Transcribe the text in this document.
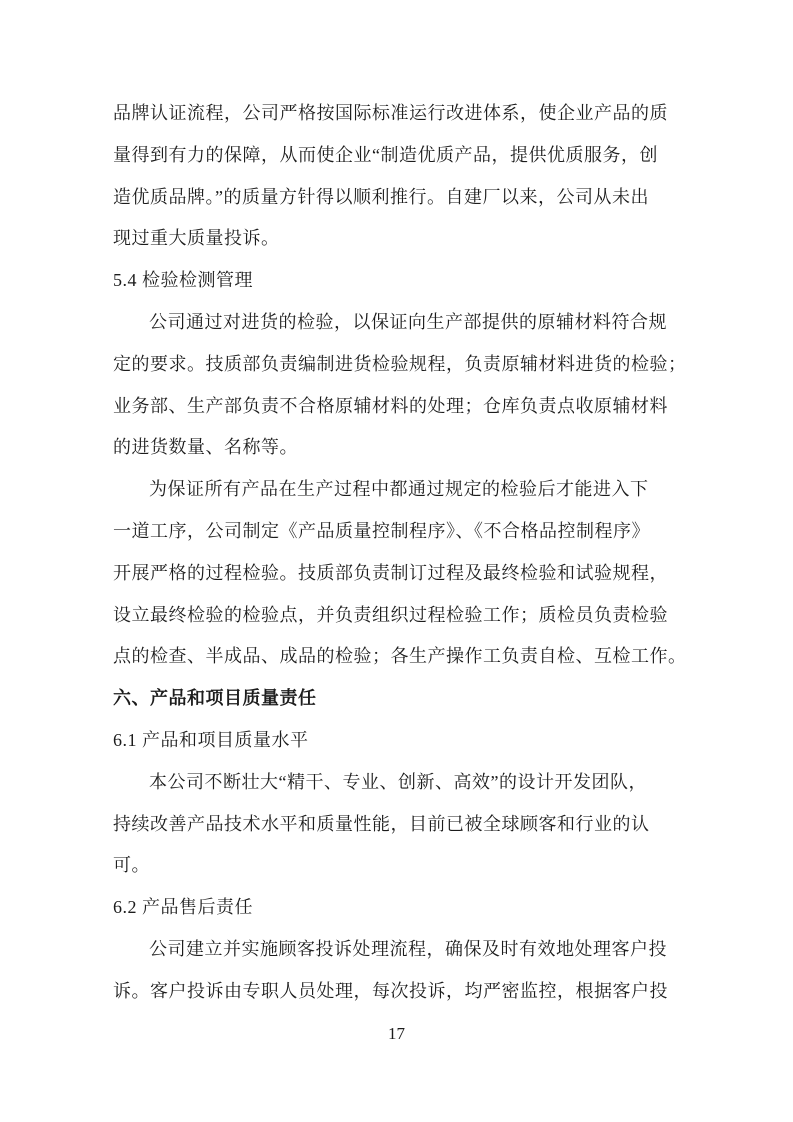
品牌认证流程，公司严格按国际标准运行改进体系，使企业产品的质
量得到有力的保障，从而使企业“制造优质产品，提供优质服务，创
造优质品牌。”的质量方针得以顺利推行。自建厂以来，公司从未出
现过重大质量投诉。
5.4 检验检测管理
公司通过对进货的检验，以保证向生产部提供的原辅材料符合规
定的要求。技质部负责编制进货检验规程，负责原辅材料进货的检验；
业务部、生产部负责不合格原辅材料的处理；仓库负责点收原辅材料
的进货数量、名称等。
为保证所有产品在生产过程中都通过规定的检验后才能进入下
一道工序，公司制定《产品质量控制程序》、《不合格品控制程序》
开展严格的过程检验。技质部负责制订过程及最终检验和试验规程，
设立最终检验的检验点，并负责组织过程检验工作；质检员负责检验
点的检查、半成品、成品的检验；各生产操作工负责自检、互检工作。
六、产品和项目质量责任
6.1 产品和项目质量水平
本公司不断壮大“精干、专业、创新、高效”的设计开发团队，
持续改善产品技术水平和质量性能，目前已被全球顾客和行业的认
可。
6.2 产品售后责任
公司建立并实施顾客投诉处理流程，确保及时有效地处理客户投
诉。客户投诉由专职人员处理，每次投诉，均严密监控，根据客户投
17
